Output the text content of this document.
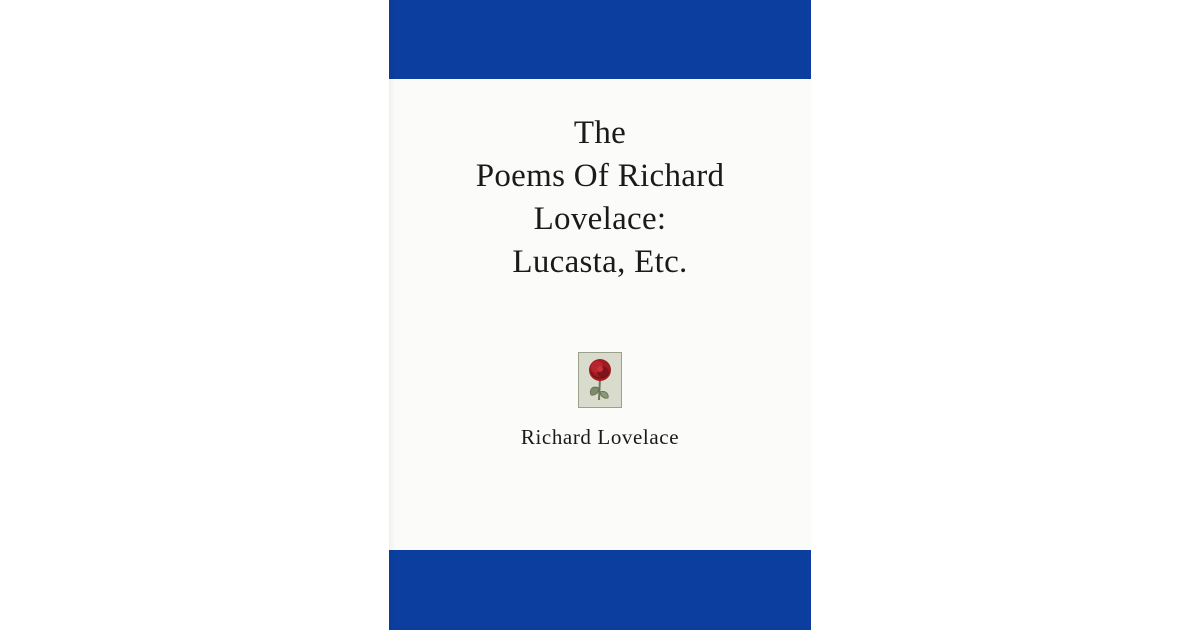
The
Poems Of Richard
Lovelace:
Lucasta, Etc.
Richard Lovelace
